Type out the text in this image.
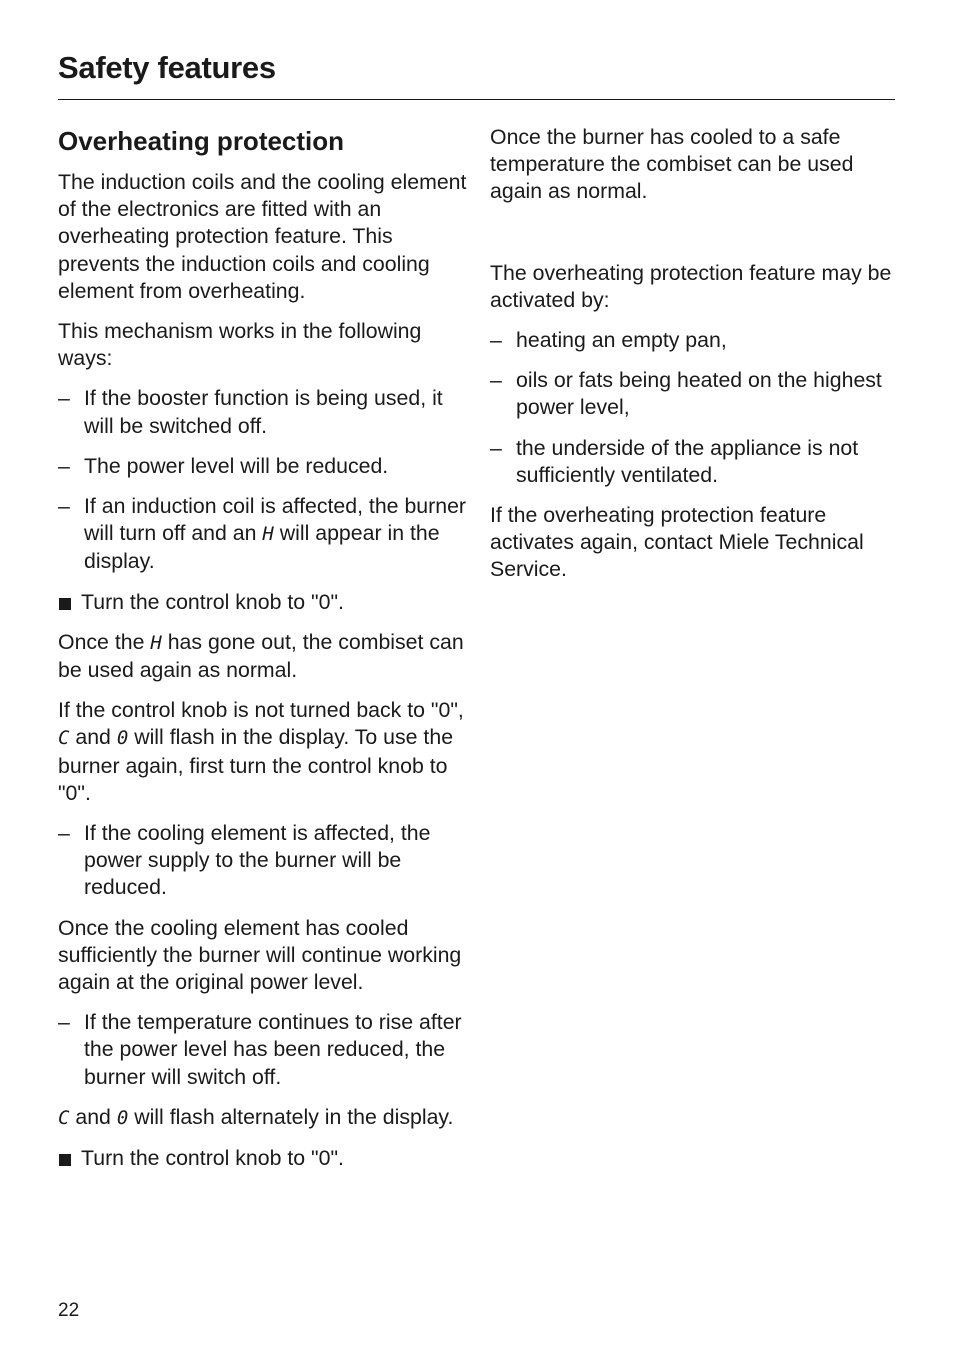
Safety features
Overheating protection

The induction coils and the cooling element of the electronics are fitted with an overheating protection feature. This prevents the induction coils and cooling element from overheating.

This mechanism works in the following ways:

– If the booster function is being used, it will be switched off.
– The power level will be reduced.
– If an induction coil is affected, the burner will turn off and an H will appear in the display.
Turn the control knob to "0".

Once the H has gone out, the combiset can be used again as normal.

If the control knob is not turned back to "0", C and 0 will flash in the display. To use the burner again, first turn the control knob to "0".

– If the cooling element is affected, the power supply to the burner will be reduced.

Once the cooling element has cooled sufficiently the burner will continue working again at the original power level.

– If the temperature continues to rise after the power level has been reduced, the burner will switch off.

C and 0 will flash alternately in the display.

Turn the control knob to "0".

Once the burner has cooled to a safe temperature the combiset can be used again as normal.

The overheating protection feature may be activated by:

– heating an empty pan,
– oils or fats being heated on the highest power level,
– the underside of the appliance is not sufficiently ventilated.

If the overheating protection feature activates again, contact Miele Technical Service.

22
